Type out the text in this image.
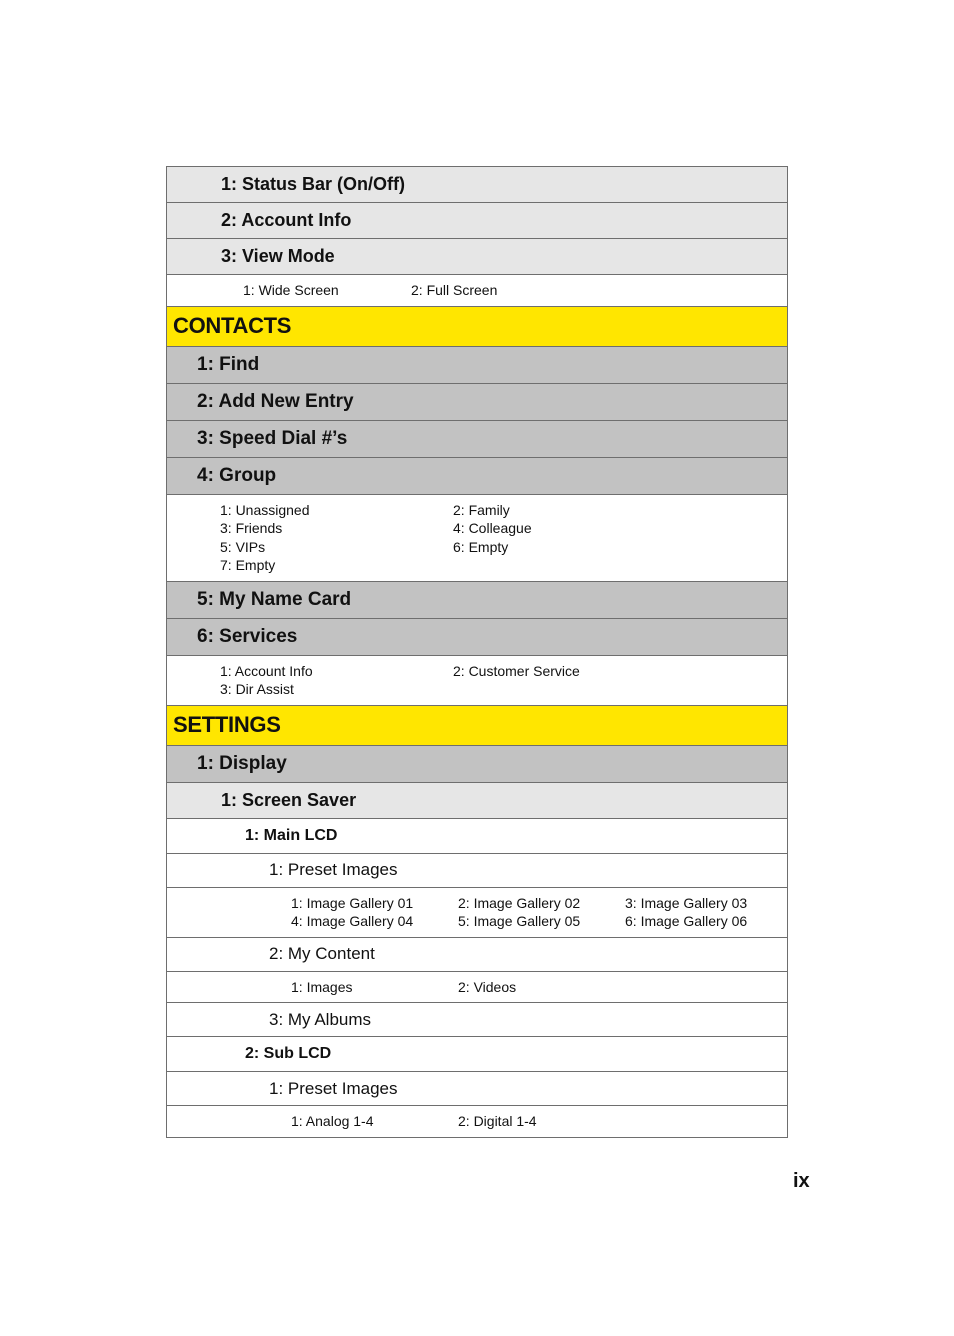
1: Status Bar (On/Off)
2: Account Info
3: View Mode
1: Wide Screen	2: Full Screen
CONTACTS
1: Find
2: Add New Entry
3: Speed Dial #’s
4: Group
1: Unassigned	2: Family
3: Friends	4: Colleague
5: VIPs	6: Empty
7: Empty
5: My Name Card
6: Services
1: Account Info	2: Customer Service
3: Dir Assist
SETTINGS
1: Display
1: Screen Saver
1: Main LCD
1: Preset Images
1: Image Gallery 01	2: Image Gallery 02	3: Image Gallery 03
4: Image Gallery 04	5: Image Gallery 05	6: Image Gallery 06
2: My Content
1: Images	2: Videos
3: My Albums
2: Sub LCD
1: Preset Images
1: Analog 1-4	2: Digital 1-4
ix
